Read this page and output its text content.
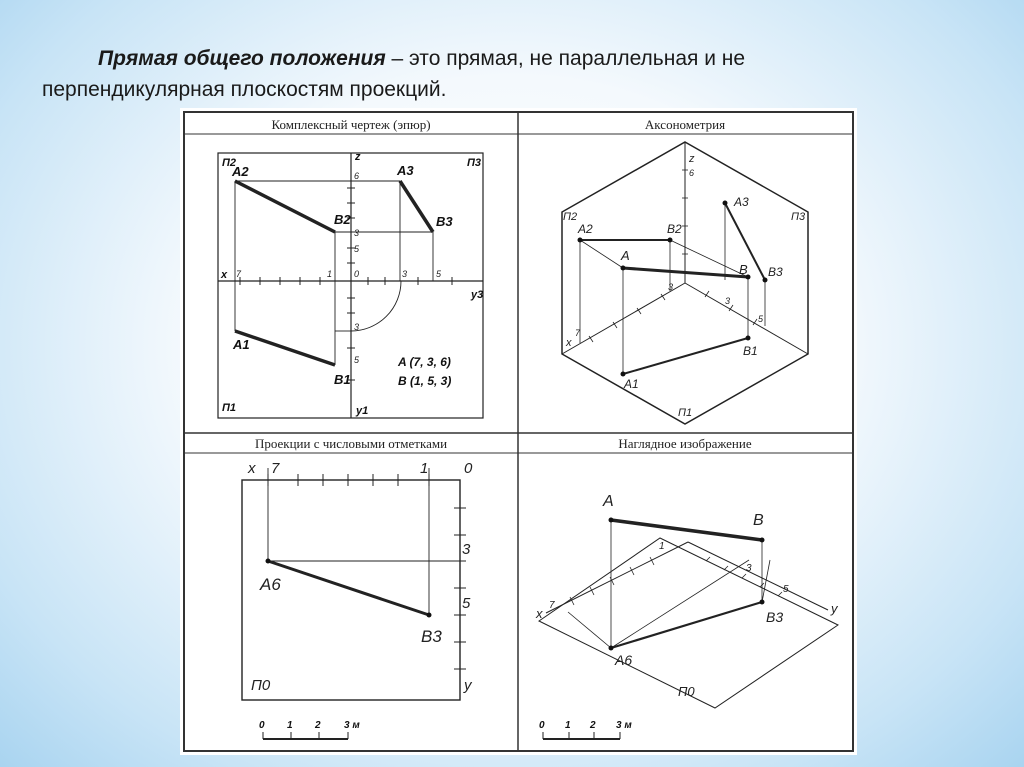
Прямая общего положения – это прямая, не параллельная и не
перпендикулярная плоскостям проекций.
Комплексный чертеж (эпюр)	Аксонометрия
Проекции с числовыми отметками	Наглядное изображение
П2	П3
П1
x
z
y3
y1
7	1 0
6
3
3	5
3
5
5
A2
B2
A3
B3
A1
B1
A (7, 3, 6)
B (1, 5, 3)
П2	П3
П1
x
z
6
3
7
3
5
A
B
A1
B1
A2	B2
A3
B3
x 7	1 0
3
5
y
A6
B3
П0
0 1 2 3 м
x	y
7
1
3
5
A
B
A6
B3
П0
0 1 2 3 м
